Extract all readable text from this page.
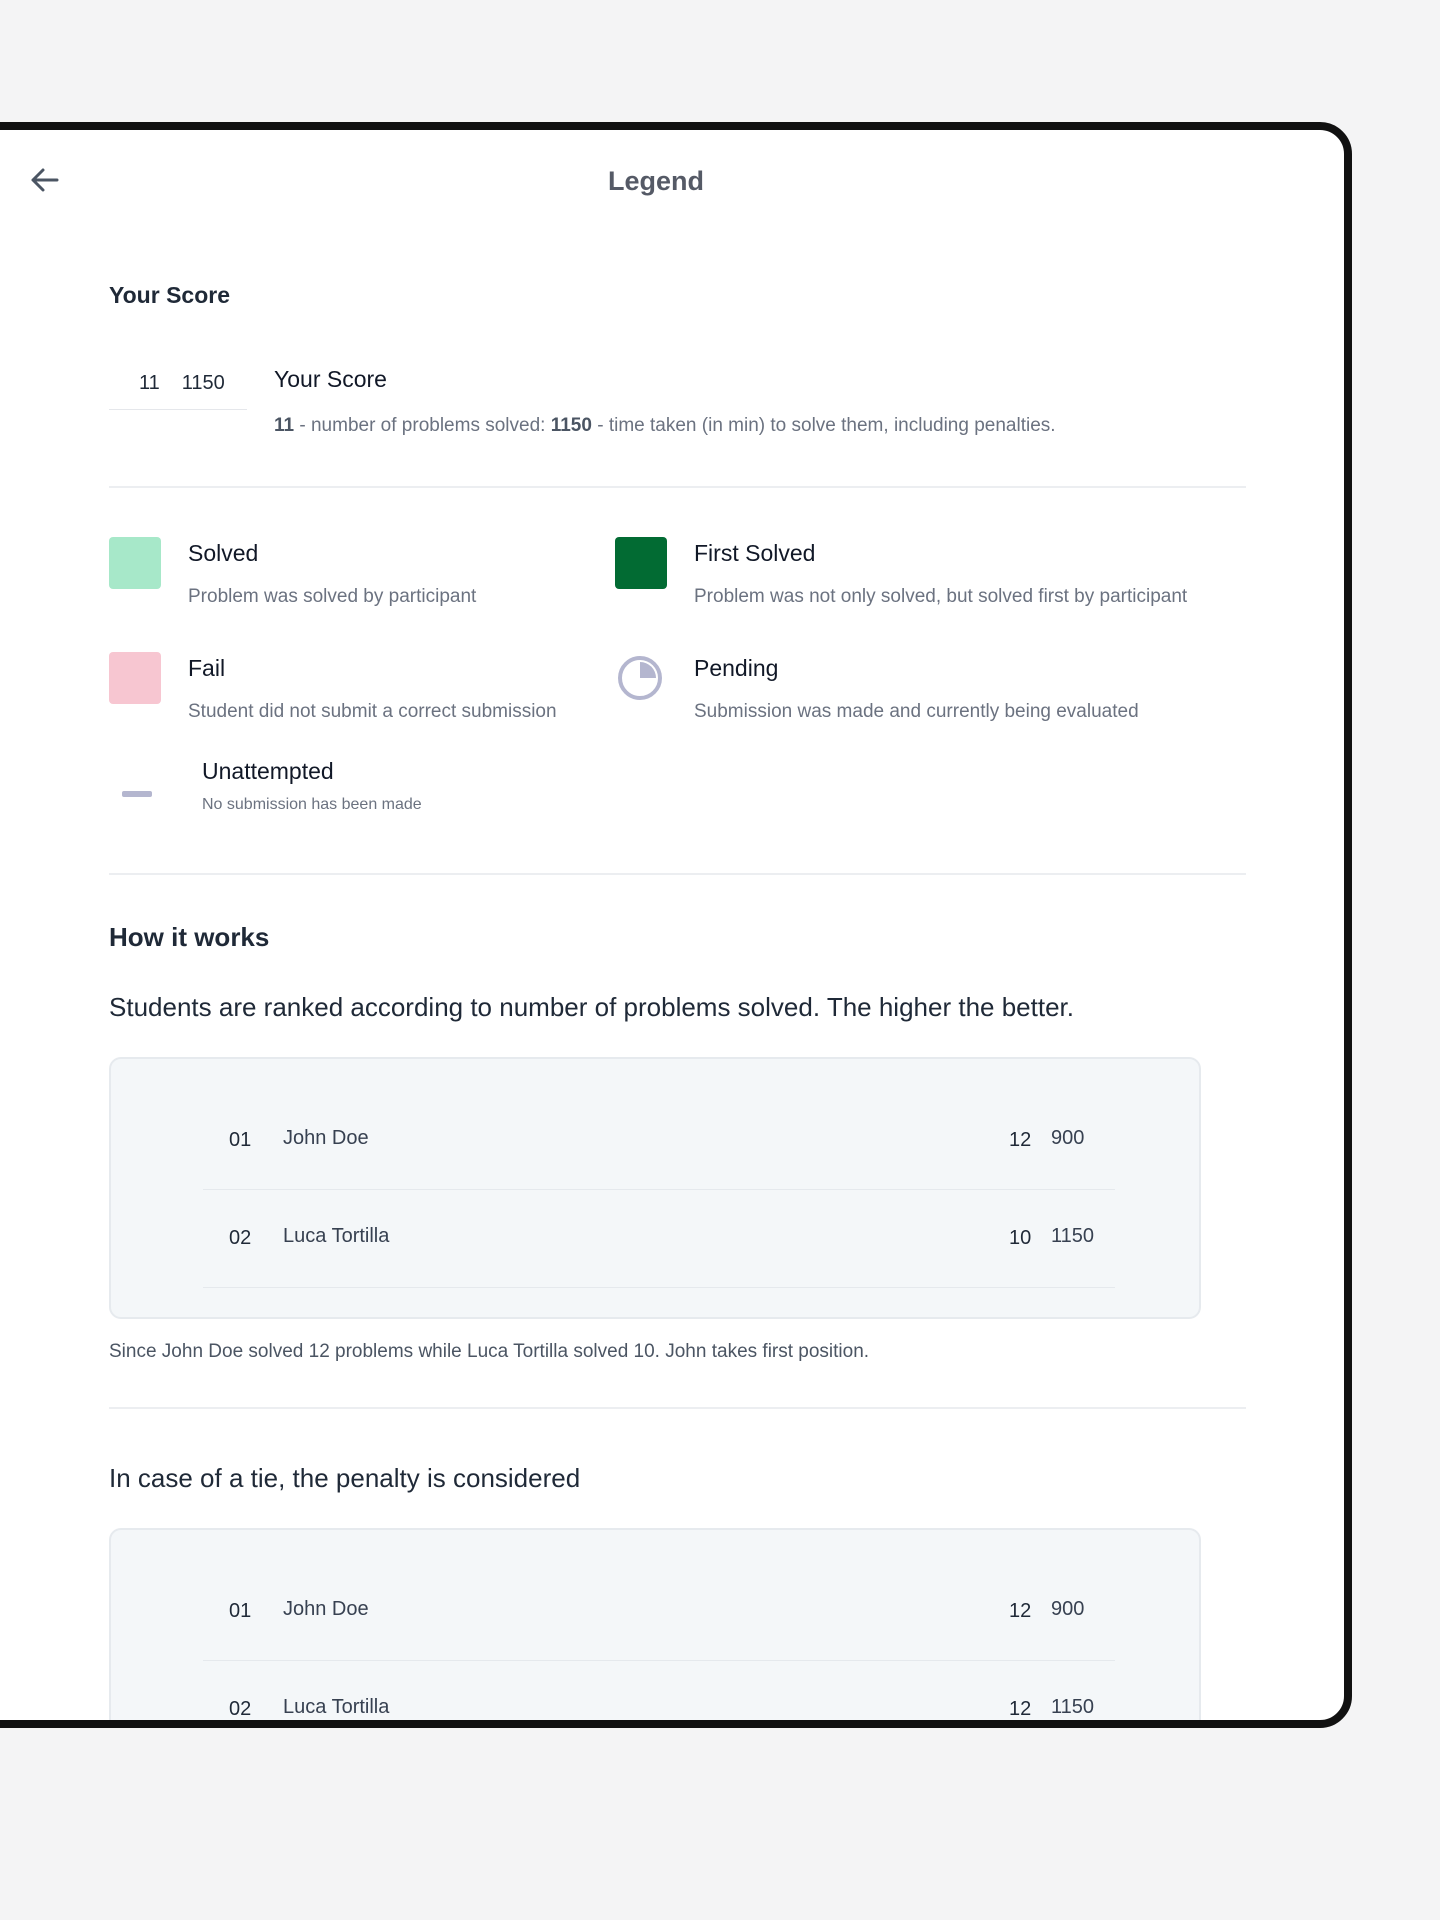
Legend
Your Score
11 1150 Your Score
11 - number of problems solved: 1150 - time taken (in min) to solve them, including penalties.
Solved
Problem was solved by participant
First Solved
Problem was not only solved, but solved first by participant
Fail
Student did not submit a correct submission
Pending
Submission was made and currently being evaluated
Unattempted
No submission has been made
How it works
Students are ranked according to number of problems solved. The higher the better.
01 John Doe	12 900
02 Luca Tortilla	10 1150
Since John Doe solved 12 problems while Luca Tortilla solved 10. John takes first position.
In case of a tie, the penalty is considered
01 John Doe	12 900
02 Luca Tortilla	12 1150
